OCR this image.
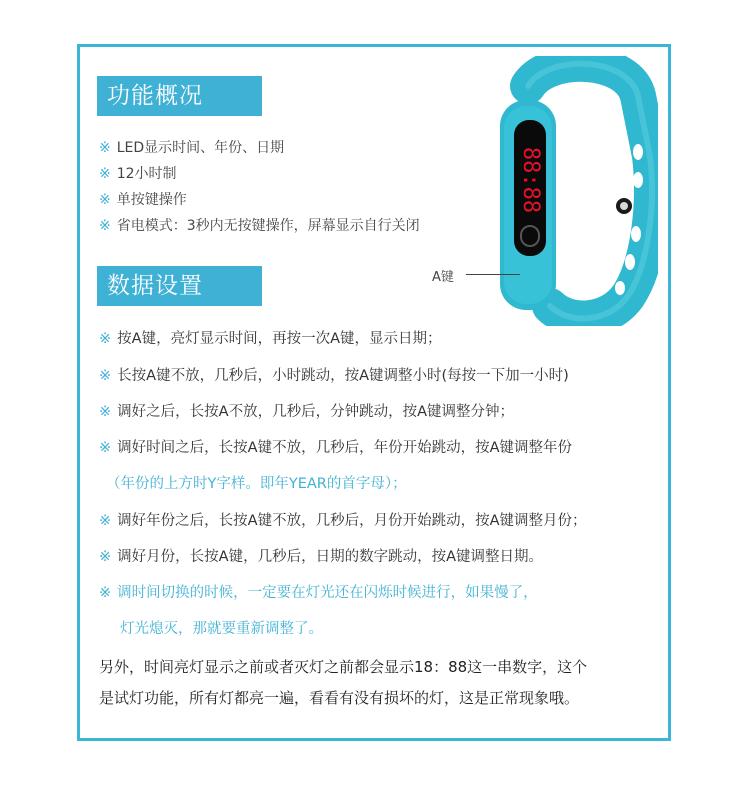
功能概况
※ LED显示时间、年份、日期
※ 12小时制
※ 单按键操作
※ 省电模式：3秒内无按键操作，屏幕显示自行关闭
88:88
A键
数据设置
※ 按A键，亮灯显示时间，再按一次A键，显示日期；
※ 长按A键不放，几秒后，小时跳动，按A键调整小时(每按一下加一小时)
※ 调好之后，长按A不放，几秒后，分钟跳动，按A键调整分钟；
※ 调好时间之后，长按A键不放，几秒后，年份开始跳动，按A键调整年份
（年份的上方时Y字样。即年YEAR的首字母）；
※ 调好年份之后，长按A键不放，几秒后，月份开始跳动，按A键调整月份；
※ 调好月份，长按A键，几秒后，日期的数字跳动，按A键调整日期。
※ 调时间切换的时候，一定要在灯光还在闪烁时候进行，如果慢了，
灯光熄灭，那就要重新调整了。
另外，时间亮灯显示之前或者灭灯之前都会显示18：88这一串数字，这个
是试灯功能，所有灯都亮一遍，看看有没有损坏的灯，这是正常现象哦。
